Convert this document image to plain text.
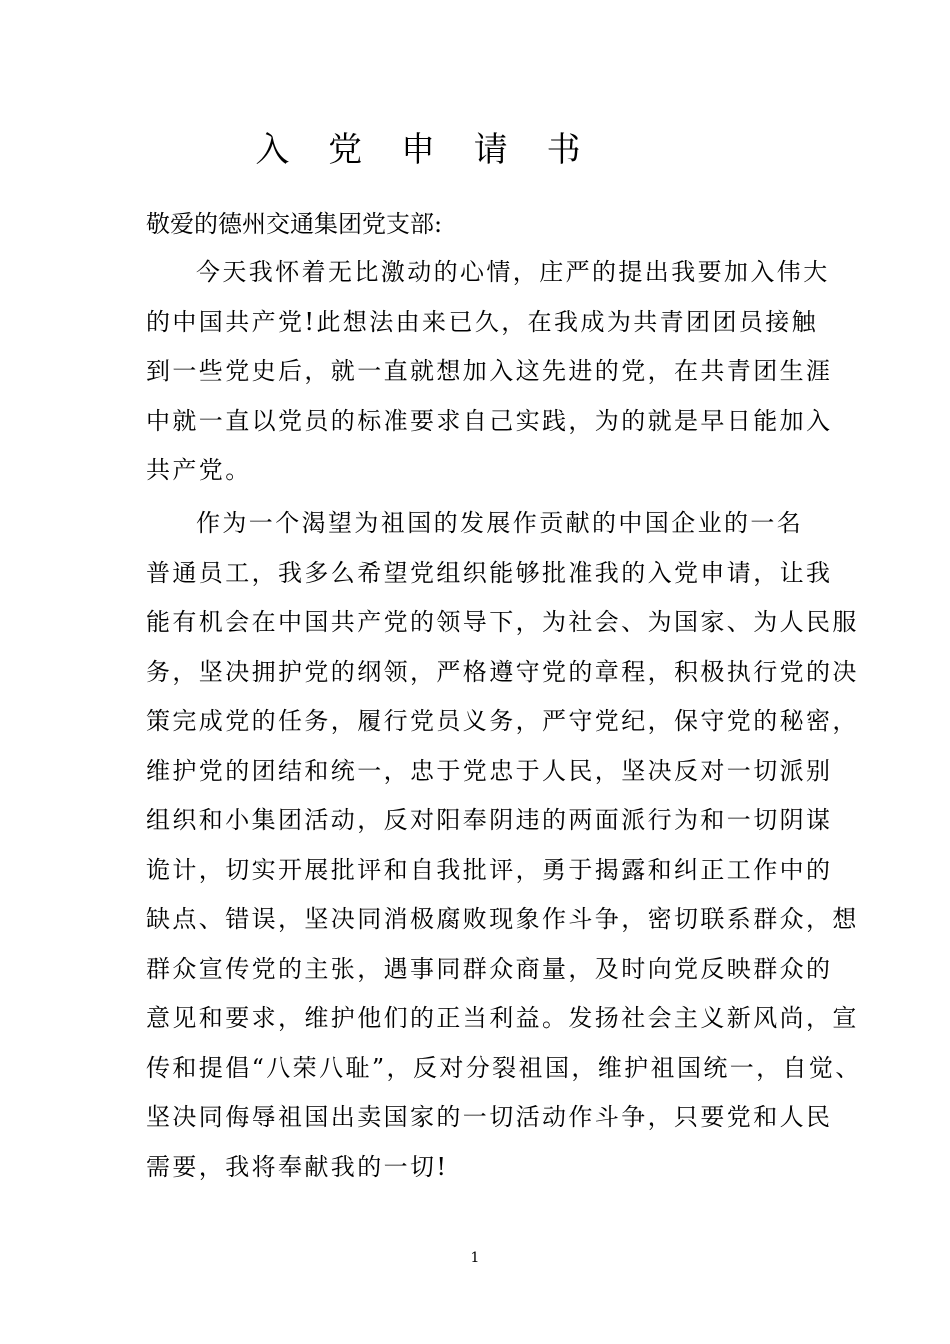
入 党 申 请 书
敬爱的德州交通集团党支部:
今天我怀着无比激动的心情，庄严的提出我要加入伟大
的中国共产党!此想法由来已久，在我成为共青团团员接触
到一些党史后，就一直就想加入这先进的党，在共青团生涯
中就一直以党员的标准要求自己实践，为的就是早日能加入
共产党。
作为一个渴望为祖国的发展作贡献的中国企业的一名
普通员工，我多么希望党组织能够批准我的入党申请，让我
能有机会在中国共产党的领导下，为社会、为国家、为人民服
务，坚决拥护党的纲领，严格遵守党的章程，积极执行党的决
策完成党的任务，履行党员义务，严守党纪，保守党的秘密，
维护党的团结和统一，忠于党忠于人民，坚决反对一切派别
组织和小集团活动，反对阳奉阴违的两面派行为和一切阴谋
诡计，切实开展批评和自我批评，勇于揭露和纠正工作中的
缺点、错误，坚决同消极腐败现象作斗争，密切联系群众，想
群众宣传党的主张，遇事同群众商量，及时向党反映群众的
意见和要求，维护他们的正当利益。发扬社会主义新风尚，宣
传和提倡“八荣八耻”，反对分裂祖国，维护祖国统一，自觉、
坚决同侮辱祖国出卖国家的一切活动作斗争，只要党和人民
需要，我将奉献我的一切!
1
